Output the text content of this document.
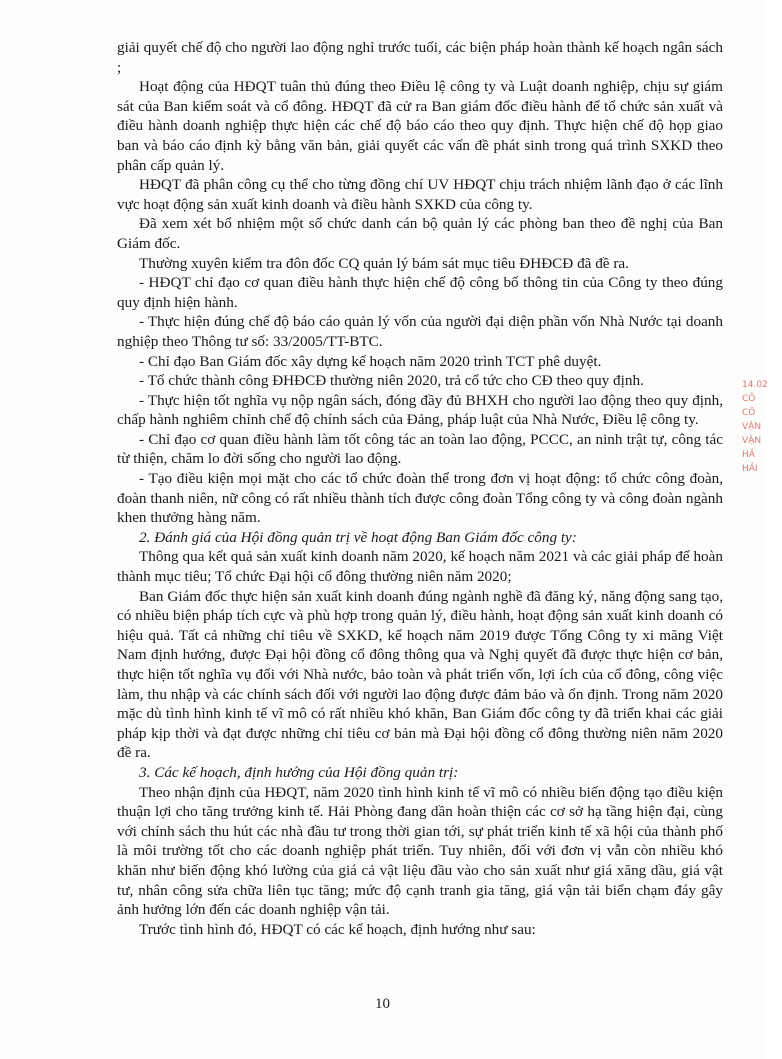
giải quyết chế độ cho người lao động nghỉ trước tuổi, các biện pháp hoàn thành kế hoạch ngân sách ;

Hoạt động của HĐQT tuân thủ đúng theo Điều lệ công ty và Luật doanh nghiệp, chịu sự giám sát của Ban kiểm soát và cổ đông. HĐQT đã cử ra Ban giám đốc điều hành để tổ chức sản xuất và điều hành doanh nghiệp thực hiện các chế độ báo cáo theo quy định. Thực hiện chế độ họp giao ban và báo cáo định kỳ bằng văn bản, giải quyết các vấn đề phát sinh trong quá trình SXKD theo phân cấp quản lý.

HĐQT đã phân công cụ thể cho từng đồng chí UV HĐQT chịu trách nhiệm lãnh đạo ở các lĩnh vực hoạt động sản xuất kinh doanh và điều hành SXKD của công ty.

Đã xem xét bổ nhiệm một số chức danh cán bộ quản lý các phòng ban theo đề nghị của Ban Giám đốc.

Thường xuyên kiểm tra đôn đốc CQ quản lý bám sát mục tiêu ĐHĐCĐ đã đề ra.

- HĐQT chỉ đạo cơ quan điều hành thực hiện chế độ công bố thông tin của Công ty theo đúng quy định hiện hành.

- Thực hiện đúng chế độ báo cáo quản lý vốn của người đại diện phần vốn Nhà Nước tại doanh nghiệp theo Thông tư số: 33/2005/TT-BTC.

- Chỉ đạo Ban Giám đốc xây dựng kế hoạch năm 2020 trình TCT phê duyệt.

- Tổ chức thành công ĐHĐCĐ thường niên 2020, trả cổ tức cho CĐ theo quy định.

- Thực hiện tốt nghĩa vụ nộp ngân sách, đóng đầy đủ BHXH cho người lao động theo quy định, chấp hành nghiêm chỉnh chế độ chính sách của Đảng, pháp luật của Nhà Nước, Điều lệ công ty.

- Chỉ đạo cơ quan điều hành làm tốt công tác an toàn lao động, PCCC, an ninh trật tự, công tác từ thiện, chăm lo đời sống cho người lao động.

- Tạo điều kiện mọi mặt cho các tổ chức đoàn thể trong đơn vị hoạt động: tổ chức công đoàn, đoàn thanh niên, nữ công có rất nhiều thành tích được công đoàn Tổng công ty và công đoàn ngành khen thưởng hàng năm.

2. Đánh giá của Hội đồng quản trị về hoạt động Ban Giám đốc công ty:

Thông qua kết quả sản xuất kinh doanh năm 2020, kế hoạch năm 2021 và các giải pháp để hoàn thành mục tiêu; Tổ chức Đại hội cổ đông thường niên năm 2020;

Ban Giám đốc thực hiện sản xuất kinh doanh đúng ngành nghề đã đăng ký, năng động sang tạo, có nhiều biện pháp tích cực và phù hợp trong quản lý, điều hành, hoạt động sản xuất kinh doanh có hiệu quả. Tất cả những chỉ tiêu về SXKD, kế hoạch năm 2019 được Tổng Công ty xi măng Việt Nam định hướng, được Đại hội đồng cổ đông thông qua và Nghị quyết đã được thực hiện cơ bản, thực hiện tốt nghĩa vụ đối với Nhà nước, bảo toàn và phát triển vốn, lợi ích của cổ đông, công việc làm, thu nhập và các chính sách đối với người lao động được đảm bảo và ổn định. Trong năm 2020 mặc dù tình hình kinh tế vĩ mô có rất nhiều khó khăn, Ban Giám đốc công ty đã triển khai các giải pháp kịp thời và đạt được những chỉ tiêu cơ bản mà Đại hội đồng cổ đông thường niên năm 2020 đề ra.

3. Các kế hoạch, định hướng của Hội đồng quản trị:

Theo nhận định của HĐQT, năm 2020 tình hình kinh tế vĩ mô có nhiều biến động tạo điều kiện thuận lợi cho tăng trưởng kinh tế. Hải Phòng đang dần hoàn thiện các cơ sở hạ tầng hiện đại, cùng với chính sách thu hút các nhà đầu tư trong thời gian tới, sự phát triển kinh tế xã hội của thành phố là môi trường tốt cho các doanh nghiệp phát triển. Tuy nhiên, đối với đơn vị vẫn còn nhiều khó khăn như biến động khó lường của giá cả vật liệu đầu vào cho sản xuất như giá xăng dầu, giá vật tư, nhân công sửa chữa liên tục tăng; mức độ cạnh tranh gia tăng, giá vận tải biển chạm đáy gây ảnh hưởng lớn đến các doanh nghiệp vận tải.

Trước tình hình đó, HĐQT có các kế hoạch, định hướng như sau:

14.02
CÔ
CÔ
VẬN
VẬN
HẢ
HẢI
10
